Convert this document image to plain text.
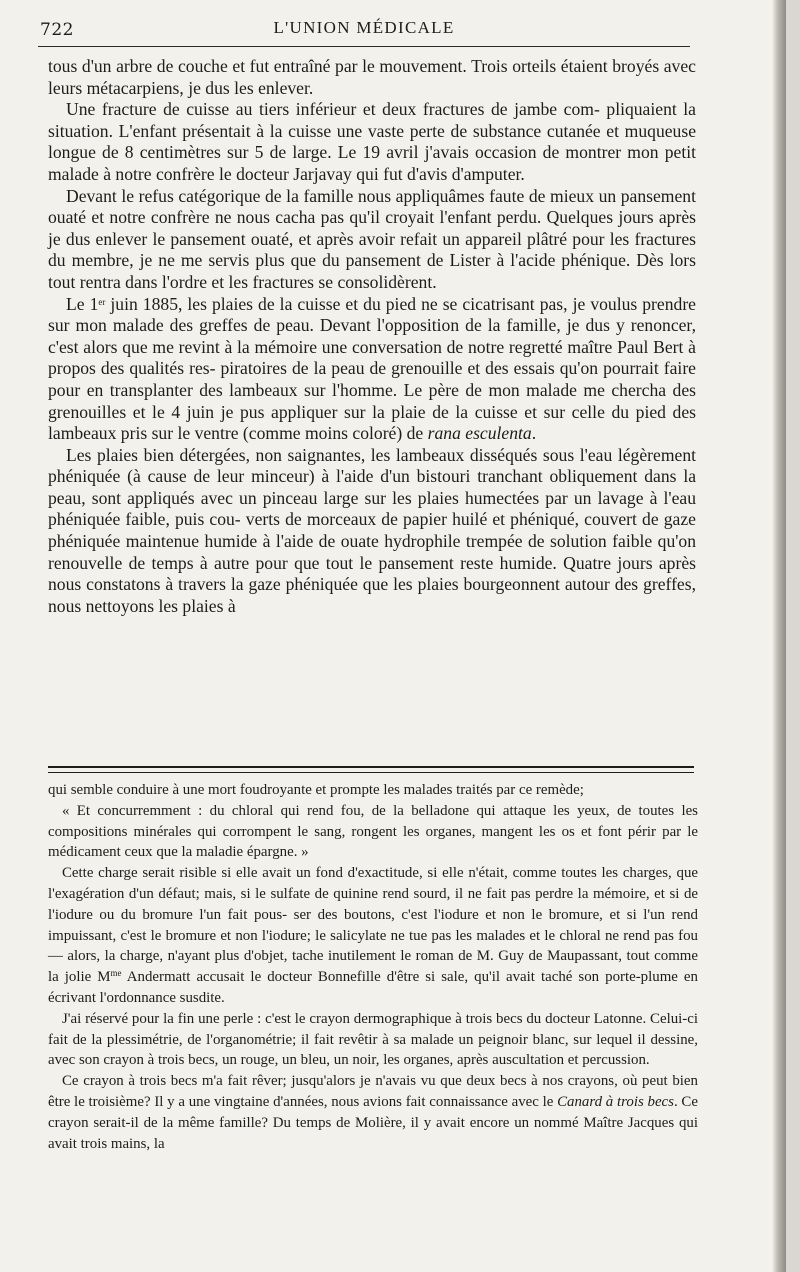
722	L'UNION MÉDICALE

tous d'un arbre de couche et fut entraîné par le mouvement. Trois orteils étaient broyés avec leurs métacarpiens, je dus les enlever.

Une fracture de cuisse au tiers inférieur et deux fractures de jambe com- pliquaient la situation. L'enfant présentait à la cuisse une vaste perte de substance cutanée et muqueuse longue de 8 centimètres sur 5 de large. Le 19 avril j'avais occasion de montrer mon petit malade à notre confrère le docteur Jarjavay qui fut d'avis d'amputer.

Devant le refus catégorique de la famille nous appliquâmes faute de mieux un pansement ouaté et notre confrère ne nous cacha pas qu'il croyait l'enfant perdu. Quelques jours après je dus enlever le pansement ouaté, et après avoir refait un appareil plâtré pour les fractures du membre, je ne me servis plus que du pansement de Lister à l'acide phénique. Dès lors tout rentra dans l'ordre et les fractures se consolidèrent.

Le 1er juin 1885, les plaies de la cuisse et du pied ne se cicatrisant pas, je voulus prendre sur mon malade des greffes de peau. Devant l'opposition de la famille, je dus y renoncer, c'est alors que me revint à la mémoire une conversation de notre regretté maître Paul Bert à propos des qualités res- piratoires de la peau de grenouille et des essais qu'on pourrait faire pour en transplanter des lambeaux sur l'homme. Le père de mon malade me chercha des grenouilles et le 4 juin je pus appliquer sur la plaie de la cuisse et sur celle du pied des lambeaux pris sur le ventre (comme moins coloré) de rana esculenta.

Les plaies bien détergées, non saignantes, les lambeaux disséqués sous l'eau légèrement phéniquée (à cause de leur minceur) à l'aide d'un bistouri tranchant obliquement dans la peau, sont appliqués avec un pinceau large sur les plaies humectées par un lavage à l'eau phéniquée faible, puis cou- verts de morceaux de papier huilé et phéniqué, couvert de gaze phéniquée maintenue humide à l'aide de ouate hydrophile trempée de solution faible qu'on renouvelle de temps à autre pour que tout le pansement reste humide. Quatre jours après nous constatons à travers la gaze phéniquée que les plaies bourgeonnent autour des greffes, nous nettoyons les plaies à

qui semble conduire à une mort foudroyante et prompte les malades traités par ce remède;

« Et concurremment : du chloral qui rend fou, de la belladone qui attaque les yeux, de toutes les compositions minérales qui corrompent le sang, rongent les organes, mangent les os et font périr par le médicament ceux que la maladie épargne. »

Cette charge serait risible si elle avait un fond d'exactitude, si elle n'était, comme toutes les charges, que l'exagération d'un défaut; mais, si le sulfate de quinine rend sourd, il ne fait pas perdre la mémoire, et si de l'iodure ou du bromure l'un fait pous- ser des boutons, c'est l'iodure et non le bromure, et si l'un rend impuissant, c'est le bromure et non l'iodure; le salicylate ne tue pas les malades et le chloral ne rend pas fou — alors, la charge, n'ayant plus d'objet, tache inutilement le roman de M. Guy de Maupassant, tout comme la jolie $M^{me}$ Andermatt accusait le docteur Bonnefille d'être si sale, qu'il avait taché son porte-plume en écrivant l'ordonnance susdite.

J'ai réservé pour la fin une perle : c'est le crayon dermographique à trois becs du docteur Latonne. Celui-ci fait de la plessimétrie, de l'organométrie; il fait revêtir à sa malade un peignoir blanc, sur lequel il dessine, avec son crayon à trois becs, un rouge, un bleu, un noir, les organes, après auscultation et percussion.

Ce crayon à trois becs m'a fait rêver; jusqu'alors je n'avais vu que deux becs à nos crayons, où peut bien être le troisième? Il y a une vingtaine d'années, nous avions fait connaissance avec le Canard à trois becs. Ce crayon serait-il de la même famille? Du temps de Molière, il y avait encore un nommé Maître Jacques qui avait trois mains, la
